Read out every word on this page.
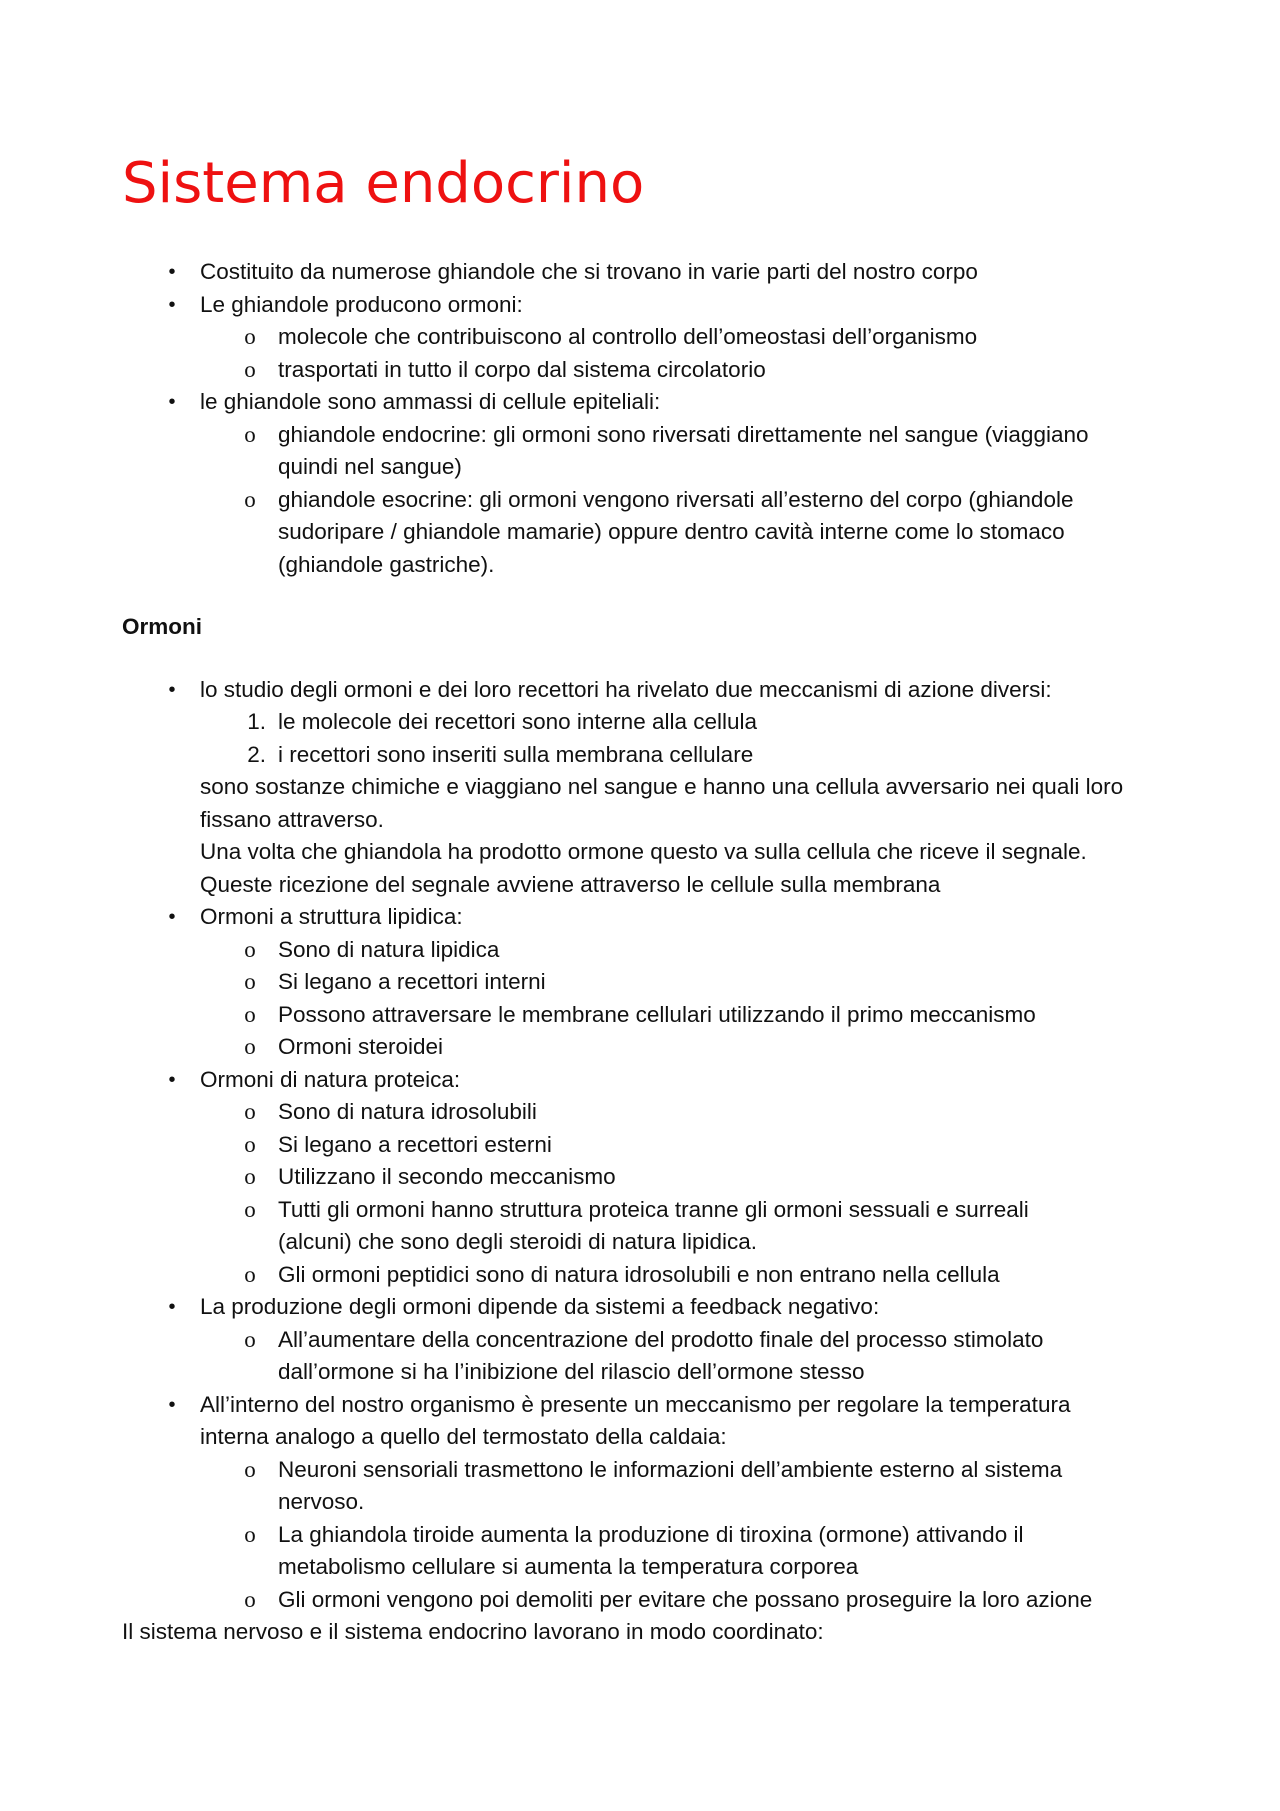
Sistema endocrino
• Costituito da numerose ghiandole che si trovano in varie parti del nostro corpo
• Le ghiandole producono ormoni:
o molecole che contribuiscono al controllo dell’omeostasi dell’organismo
o trasportati in tutto il corpo dal sistema circolatorio
• le ghiandole sono ammassi di cellule epiteliali:
o ghiandole endocrine: gli ormoni sono riversati direttamente nel sangue (viaggiano
quindi nel sangue)
o ghiandole esocrine: gli ormoni vengono riversati all’esterno del corpo (ghiandole
sudoripare / ghiandole mamarie) oppure dentro cavità interne come lo stomaco
(ghiandole gastriche).
Ormoni
• lo studio degli ormoni e dei loro recettori ha rivelato due meccanismi di azione diversi:
1. le molecole dei recettori sono interne alla cellula
2. i recettori sono inseriti sulla membrana cellulare
sono sostanze chimiche e viaggiano nel sangue e hanno una cellula avversario nei quali loro
fissano attraverso.
Una volta che ghiandola ha prodotto ormone questo va sulla cellula che riceve il segnale.
Queste ricezione del segnale avviene attraverso le cellule sulla membrana
• Ormoni a struttura lipidica:
o Sono di natura lipidica
o Si legano a recettori interni
o Possono attraversare le membrane cellulari utilizzando il primo meccanismo
o Ormoni steroidei
• Ormoni di natura proteica:
o Sono di natura idrosolubili
o Si legano a recettori esterni
o Utilizzano il secondo meccanismo
o Tutti gli ormoni hanno struttura proteica tranne gli ormoni sessuali e surreali
(alcuni) che sono degli steroidi di natura lipidica.
o Gli ormoni peptidici sono di natura idrosolubili e non entrano nella cellula
• La produzione degli ormoni dipende da sistemi a feedback negativo:
o All’aumentare della concentrazione del prodotto finale del processo stimolato
dall’ormone si ha l’inibizione del rilascio dell’ormone stesso
• All’interno del nostro organismo è presente un meccanismo per regolare la temperatura
interna analogo a quello del termostato della caldaia:
o Neuroni sensoriali trasmettono le informazioni dell’ambiente esterno al sistema
nervoso.
o La ghiandola tiroide aumenta la produzione di tiroxina (ormone) attivando il
metabolismo cellulare si aumenta la temperatura corporea
o Gli ormoni vengono poi demoliti per evitare che possano proseguire la loro azione
Il sistema nervoso e il sistema endocrino lavorano in modo coordinato:
